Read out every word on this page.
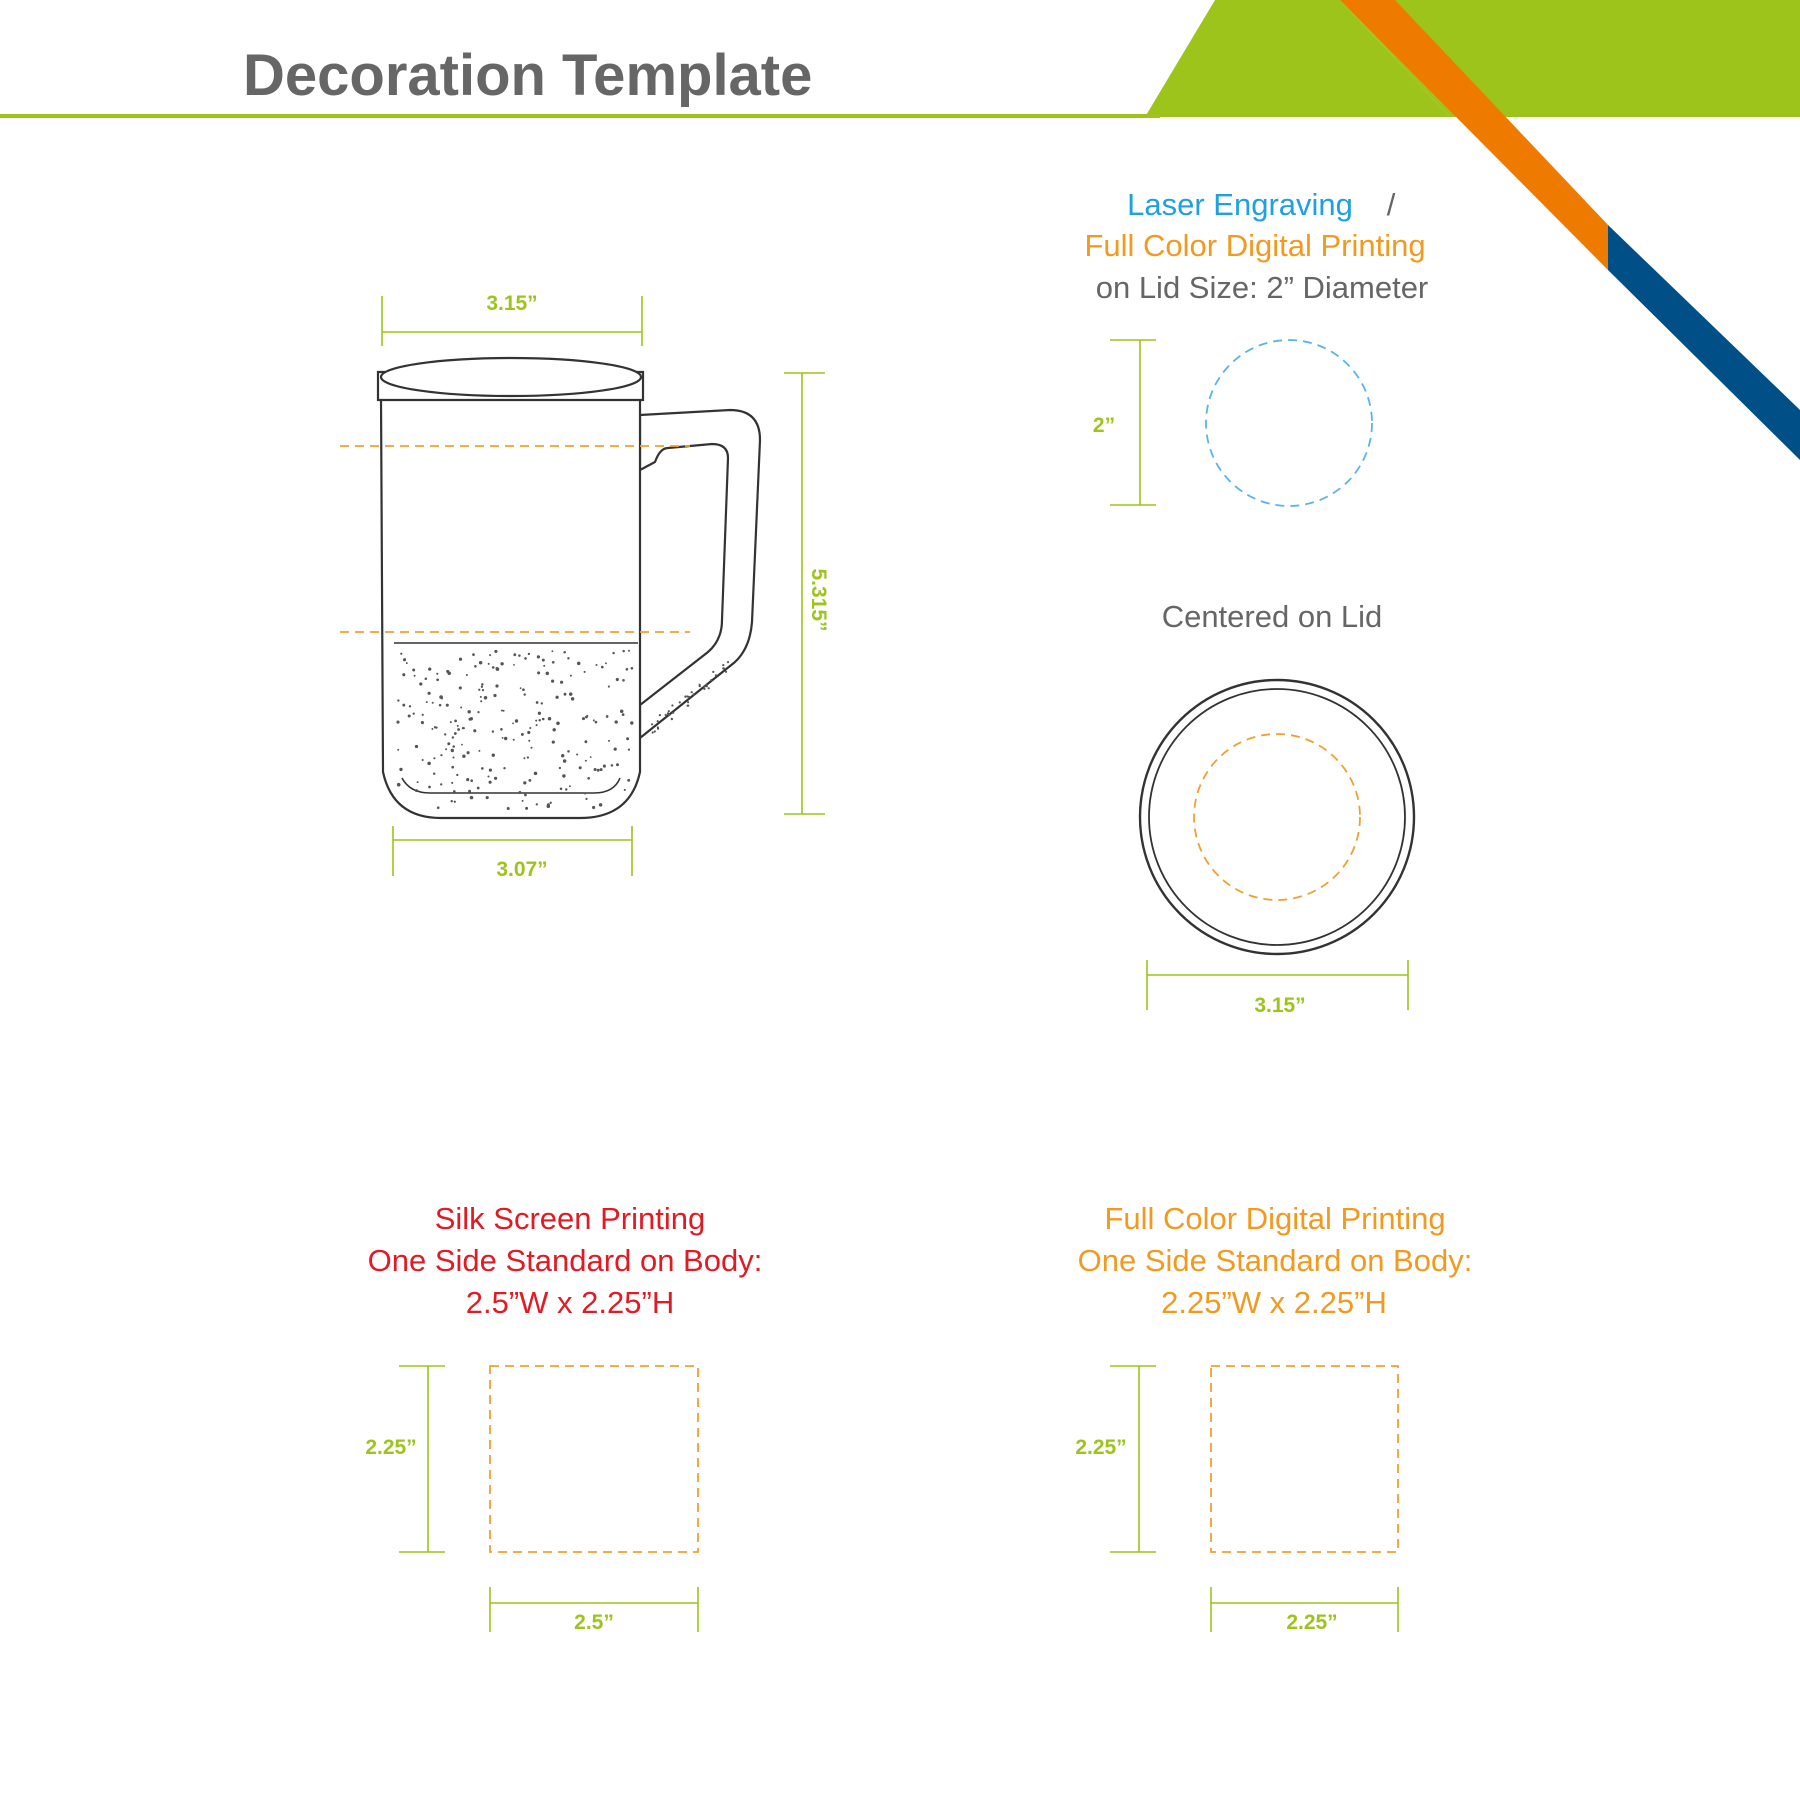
Decoration Template
3.15”
3.07”
5.315”
Laser Engraving /
Full Color Digital Printing
on Lid Size: 2” Diameter
2”
Centered on Lid
3.15”
Silk Screen Printing
One Side Standard on Body:
2.5”W x 2.25”H
2.25”
2.5”
Full Color Digital Printing
One Side Standard on Body:
2.25”W x 2.25”H
2.25”
2.25”
